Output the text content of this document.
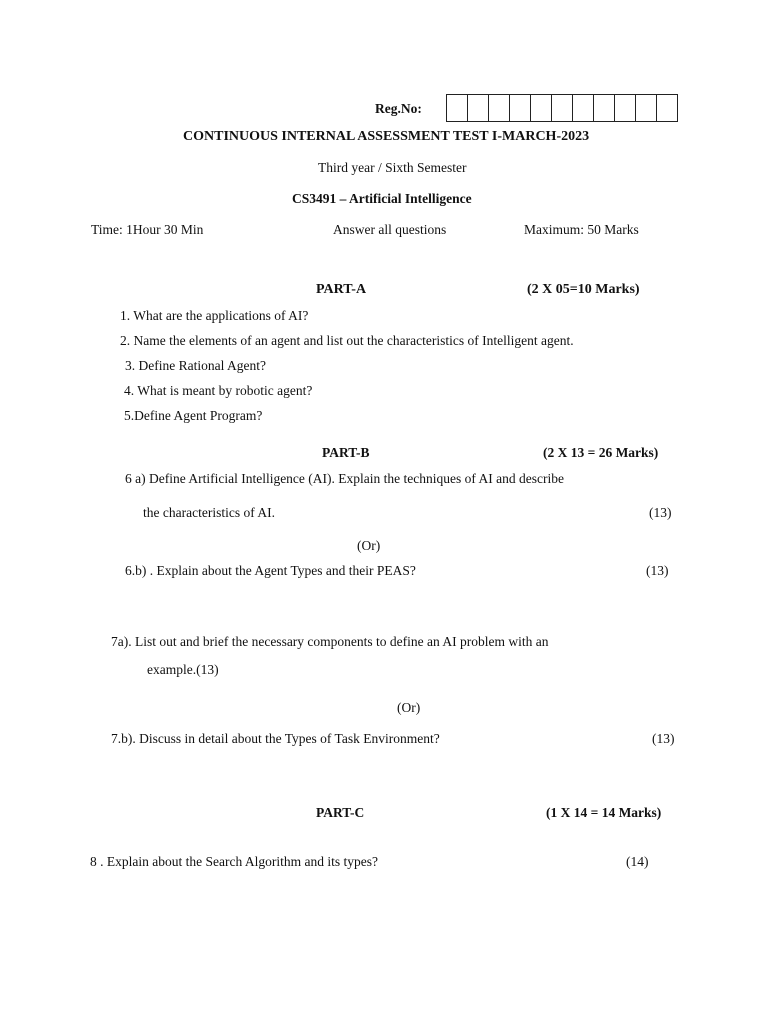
Reg.No:
CONTINUOUS INTERNAL ASSESSMENT TEST I-MARCH-2023
Third year / Sixth Semester
CS3491 – Artificial Intelligence
Time: 1Hour 30 Min	Answer all questions	Maximum: 50 Marks
PART-A	(2 X 05=10 Marks)
1. What are the applications of AI?
2. Name the elements of an agent and list out the characteristics of Intelligent agent.
3. Define Rational Agent?
4. What is meant by robotic agent?
5.Define Agent Program?
PART-B	(2 X 13 = 26 Marks)
6 a) Define Artificial Intelligence (AI). Explain the techniques of AI and describe
the characteristics of AI.	(13)
(Or)
6.b) . Explain about the Agent Types and their PEAS?	(13)
7a). List out and brief the necessary components to define an AI problem with an
example.(13)
(Or)
7.b). Discuss in detail about the Types of Task Environment?	(13)
PART-C	(1 X 14 = 14 Marks)
8 . Explain about the Search Algorithm and its types?	(14)
